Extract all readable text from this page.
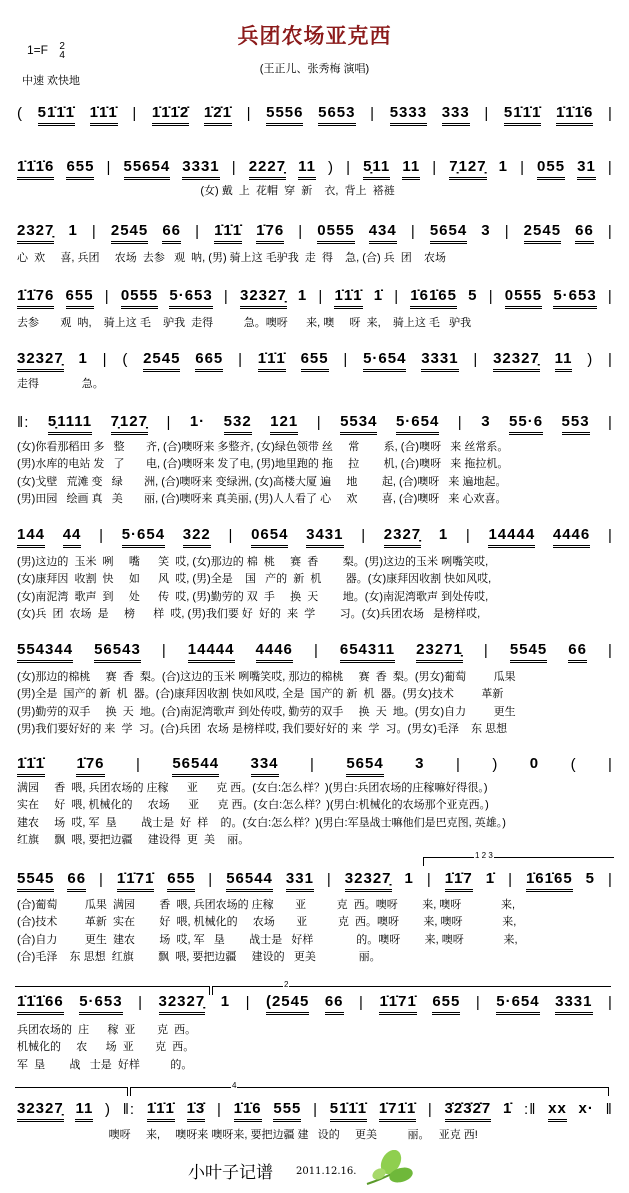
兵团农场亚克西
1=F 2
4
(王正儿、张秀梅 演唱)
中速 欢快地
( 51̇1̇1̇ 1̇1̇1̇ | 1̇1̇1̇2̇ 1̇2̇1̇ | 5556 5653 | 5333 333 | 51̇1̇1̇ 1̇1̇1̇6 |
1̇1̇1̇6 655 | 55654 3331 | 2227̣ 11 ) | 5̣11 11 | 7̣127̣ 1 | 055 31 |
(女) 戴  上  花帽  穿  新    衣,  背上  褡裢
2327̣ 1 | 2545 66 | 1̇1̇1̇ 1̇76 | 0555 434 | 5654 3 | 2545 66 |
心  欢     喜, 兵团     农场  去参   观  呐, (男) 骑上这 毛驴我  走  得    急, (合) 兵  团    农场
1̇1̇76 655 | 0555 5·653 | 32327̣ 1 | 1̇1̇1̇ 1̇ | 1̇61̇65 5 | 0555 5·653 |
去参       观  呐,    骑上这 毛    驴我  走得          急。噢呀      来, 噢     呀  来,    骑上这 毛   驴我
32327̣ 1 | ( 2545 665 | 1̇1̇1̇ 655 | 5·654 3331 | 32327̣ 11 ) |
走得              急。
‖: 5̣1111 7̣127̣ | 1· 532 121 | 5534 5·654 | 3 55·6 553 |
(女)你看那稻田 多   整       齐, (合)噢呀来 多整齐, (女)绿色领带 丝     常        系, (合)噢呀   来 丝常系。
(男)水库的电站 发   了       电, (合)噢呀来 发了电, (男)地里跑的 拖     拉        机, (合)噢呀   来 拖拉机。
(女)戈壁   荒滩 变   绿       洲, (合)噢呀来 变绿洲, (女)高楼大厦 遍     地        起, (合)噢呀   来 遍地起。
(男)田园   绘画 真   美       丽, (合)噢呀来 真美丽, (男)人人看了 心     欢        喜, (合)噢呀   来 心欢喜。
144 44 | 5·654 322 | 0654 3431 | 2327̣ 1 | 14444 4446 |
(男)这边的  玉米  咧     嘴      笑  哎, (女)那边的 棉  桃     赛  香        梨。(男)这边的玉米 咧嘴笑哎,
(女)康拜因  收割  快     如      风  哎, (男)全是    国   产的  新  机        器。(女)康拜因收割 快如风哎,
(女)南泥湾  歌声  到     处      传  哎, (男)勤劳的 双  手     换  天        地。(女)南泥湾歌声 到处传哎,
(女)兵  团  农场  是     榜      样  哎, (男)我们要 好  好的  来  学        习。(女)兵团农场   是榜样哎,
554344 56543 | 14444 4446 | 654311 23271̣ | 5545 66 |
(女)那边的棉桃     赛  香  梨。(合)这边的玉米 咧嘴笑哎, 那边的棉桃     赛  香  梨。(男女)葡萄         瓜果
(男)全是  国产的 新  机  器。(合)康拜因收割 快如风哎, 全是  国产的 新  机  器。(男女)技术         革新
(男)勤劳的双手     换  天  地。(合)南泥湾歌声 到处传哎, 勤劳的双手     换  天  地。(男女)自力         更生
(男)我们要好好的 来  学  习。(合)兵团  农场 是榜样哎, 我们要好好的 来  学  习。(男女)毛泽    东 思想
1̇1̇1̇ 1̇76 | 56544 334 | 5654 3 | ) 0 ( |
满园     香  喂, 兵团农场的 庄稼      亚      克 西。(女白:怎么样？)(男白:兵团农场的庄稼嘛好得很。)
实在     好  喂, 机械化的     农场      亚      克 西。(女白:怎么样？)(男白:机械化的农场那个亚克西。)
建农     场  哎, 军  垦        战士是  好  样    的。(女白:怎么样？)(男白:军垦战士嘛他们是巴克图, 英雄。)
红旗     飘  喂, 要把边疆     建设得  更  美    丽。
5545 66 | 1̇1̇71̇ 655 | 56544 331 | 32327̣ 1 | 1̇1̇7 1̇ | 1̇61̇65 5 |
(合)葡萄         瓜果  满园        香  喂, 兵团农场的 庄稼       亚          克  西。噢呀        来, 噢呀             来,
(合)技术         革新  实在        好  喂, 机械化的     农场       亚          克  西。噢呀        来, 噢呀             来,
(合)自力         更生  建农        场  哎, 军   垦        战士是   好样              的。噢呀        来, 噢呀             来,
(合)毛泽    东 思想  红旗        飘  喂, 要把边疆     建设的   更美              丽。
1̇1̇1̇66 5·653 | 32327̣ 1 | (2545 66 | 1̇1̇71̇ 655 | 5·654 3331 |
兵团农场的  庄      稼  亚       克  西。
机械化的     农      场  亚       克  西。
军  垦        战   士是  好样          的。
32327̣ 11 ) ‖: 1̇1̇1̇ 1̇3̇ | 1̇1̇6 555 | 51̇1̇1̇ 1̇71̇1̇ | 3̇2̇3̇2̇7 1̇ :‖ xx x· ‖
噢呀     来,     噢呀来 噢呀来, 要把边疆 建   设的     更美          丽。   亚克 西!
1 2 3
2
4
小叶子记谱 2011.12.16.
